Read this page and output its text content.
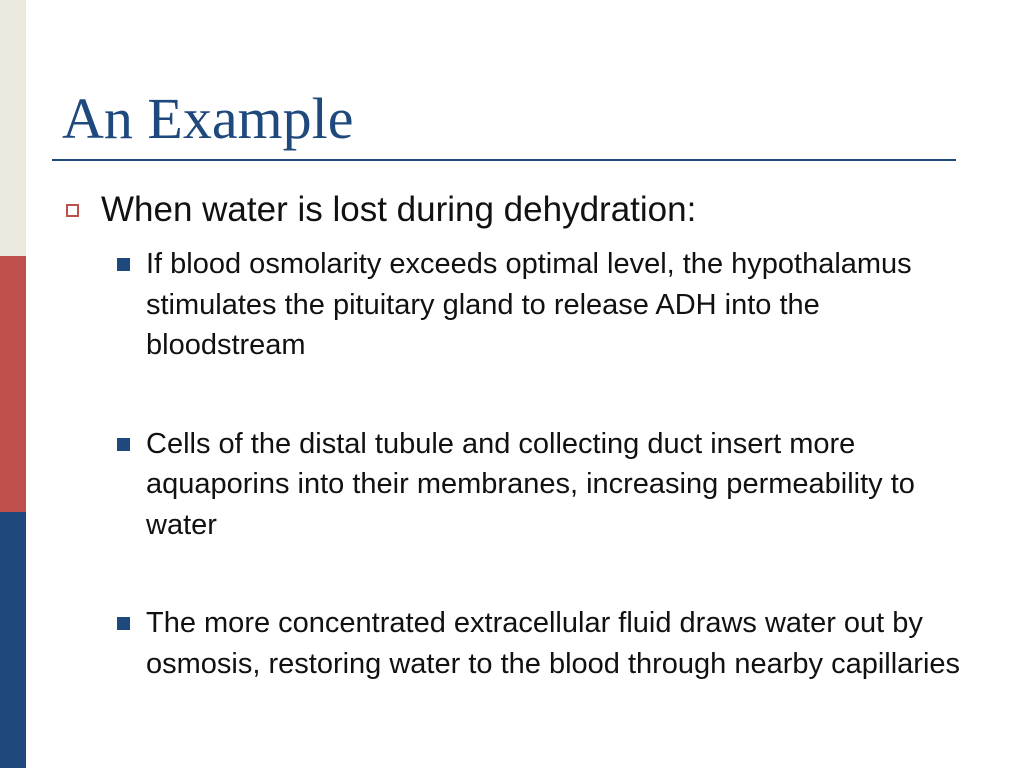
An Example

When water is lost during dehydration:

If blood osmolarity exceeds optimal level, the hypothalamus stimulates the pituitary gland to release ADH into the bloodstream

Cells of the distal tubule and collecting duct insert more aquaporins into their membranes, increasing permeability to water

The more concentrated extracellular fluid draws water out by osmosis, restoring water to the blood through nearby capillaries
